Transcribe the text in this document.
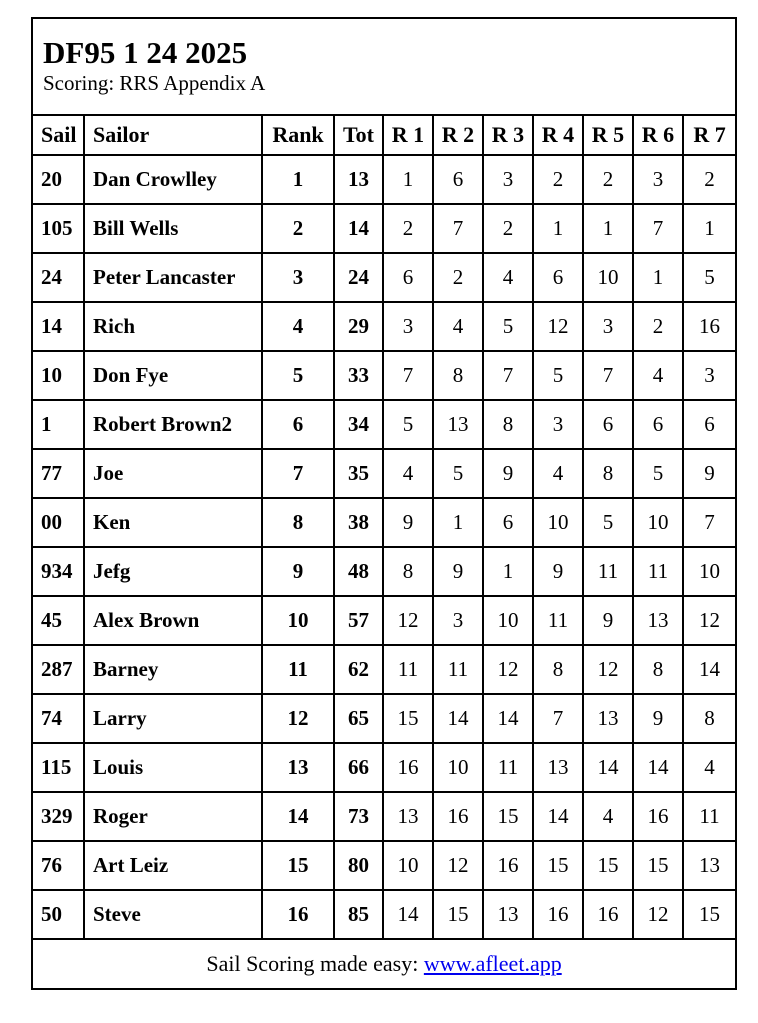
DF95 1 24 2025
Scoring: RRS Appendix A										

Sail	Sailor	Rank	Tot	R 1	R 2	R 3	R 4	R 5	R 6	R 7
20	Dan Crowlley	1	13	1	6	3	2	2	3	2
105	Bill Wells	2	14	2	7	2	1	1	7	1
24	Peter Lancaster	3	24	6	2	4	6	10	1	5
14	Rich	4	29	3	4	5	12	3	2	16
10	Don Fye	5	33	7	8	7	5	7	4	3
1	Robert Brown2	6	34	5	13	8	3	6	6	6
77	Joe	7	35	4	5	9	4	8	5	9
00	Ken	8	38	9	1	6	10	5	10	7
934	Jefg	9	48	8	9	1	9	11	11	10
45	Alex Brown	10	57	12	3	10	11	9	13	12
287	Barney	11	62	11	11	12	8	12	8	14
74	Larry	12	65	15	14	14	7	13	9	8
115	Louis	13	66	16	10	11	13	14	14	4
329	Roger	14	73	13	16	15	14	4	16	11
76	Art Leiz	15	80	10	12	16	15	15	15	13
50	Steve	16	85	14	15	13	16	16	12	15
Sail Scoring made easy: www.afleet.app										
